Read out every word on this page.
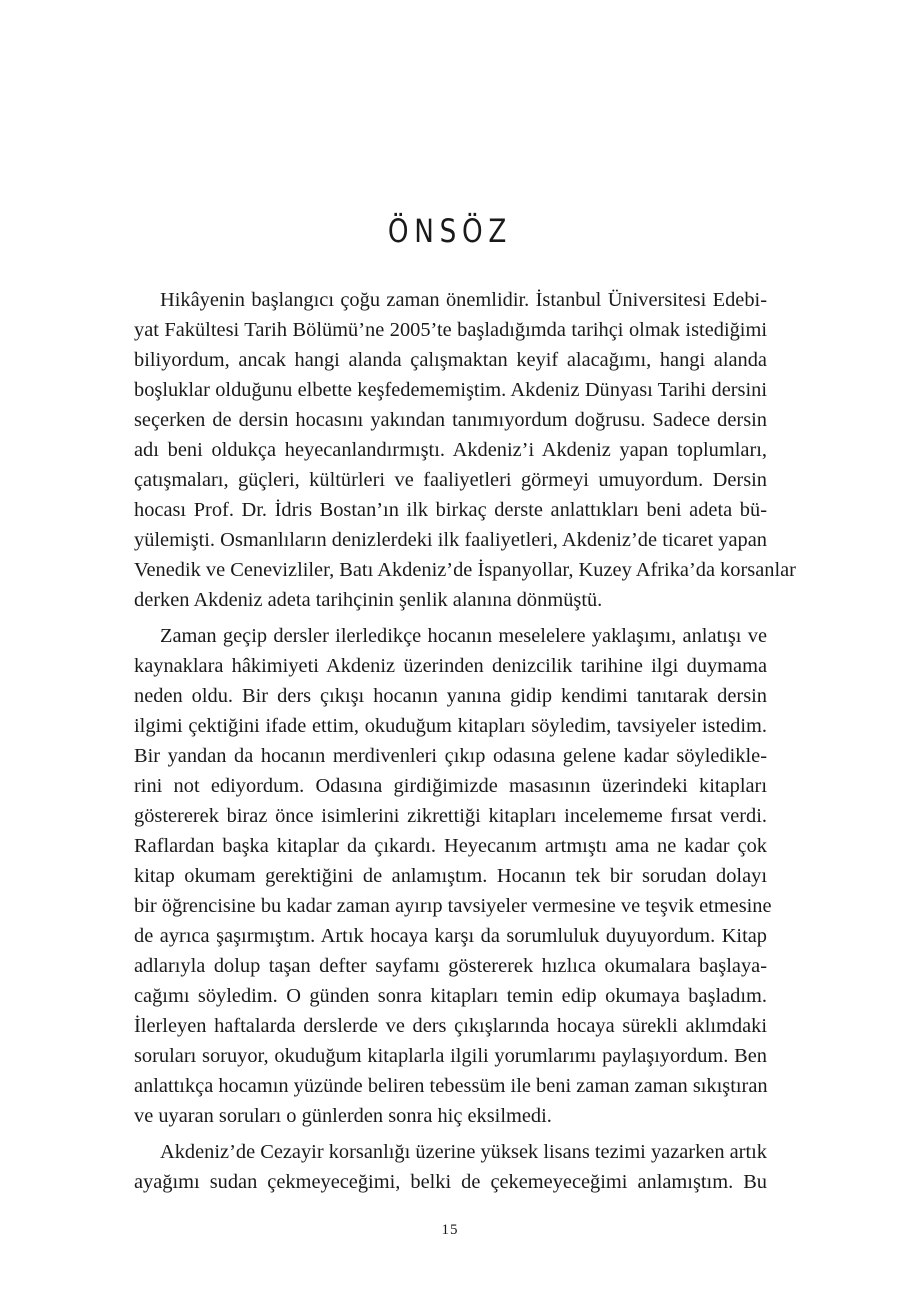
ÖNSÖZ
Hikâyenin başlangıcı çoğu zaman önemlidir. İstanbul Üniversitesi Edebi-
yat Fakültesi Tarih Bölümü’ne 2005’te başladığımda tarihçi olmak istediğimi
biliyordum, ancak hangi alanda çalışmaktan keyif alacağımı, hangi alanda
boşluklar olduğunu elbette keşfedememiştim. Akdeniz Dünyası Tarihi dersini
seçerken de dersin hocasını yakından tanımıyordum doğrusu. Sadece dersin
adı beni oldukça heyecanlandırmıştı. Akdeniz’i Akdeniz yapan toplumları,
çatışmaları, güçleri, kültürleri ve faaliyetleri görmeyi umuyordum. Dersin
hocası Prof. Dr. İdris Bostan’ın ilk birkaç derste anlattıkları beni adeta bü-
yülemişti. Osmanlıların denizlerdeki ilk faaliyetleri, Akdeniz’de ticaret yapan
Venedik ve Cenevizliler, Batı Akdeniz’de İspanyollar, Kuzey Afrika’da korsanlar
derken Akdeniz adeta tarihçinin şenlik alanına dönmüştü.
Zaman geçip dersler ilerledikçe hocanın meselelere yaklaşımı, anlatışı ve
kaynaklara hâkimiyeti Akdeniz üzerinden denizcilik tarihine ilgi duymama
neden oldu. Bir ders çıkışı hocanın yanına gidip kendimi tanıtarak dersin
ilgimi çektiğini ifade ettim, okuduğum kitapları söyledim, tavsiyeler istedim.
Bir yandan da hocanın merdivenleri çıkıp odasına gelene kadar söyledikle-
rini not ediyordum. Odasına girdiğimizde masasının üzerindeki kitapları
göstererek biraz önce isimlerini zikrettiği kitapları incelememe fırsat verdi.
Raflardan başka kitaplar da çıkardı. Heyecanım artmıştı ama ne kadar çok
kitap okumam gerektiğini de anlamıştım. Hocanın tek bir sorudan dolayı
bir öğrencisine bu kadar zaman ayırıp tavsiyeler vermesine ve teşvik etmesine
de ayrıca şaşırmıştım. Artık hocaya karşı da sorumluluk duyuyordum. Kitap
adlarıyla dolup taşan defter sayfamı göstererek hızlıca okumalara başlaya-
cağımı söyledim. O günden sonra kitapları temin edip okumaya başladım.
İlerleyen haftalarda derslerde ve ders çıkışlarında hocaya sürekli aklımdaki
soruları soruyor, okuduğum kitaplarla ilgili yorumlarımı paylaşıyordum. Ben
anlattıkça hocamın yüzünde beliren tebessüm ile beni zaman zaman sıkıştıran
ve uyaran soruları o günlerden sonra hiç eksilmedi.
Akdeniz’de Cezayir korsanlığı üzerine yüksek lisans tezimi yazarken artık
ayağımı sudan çekmeyeceğimi, belki de çekemeyeceğimi anlamıştım. Bu
15
